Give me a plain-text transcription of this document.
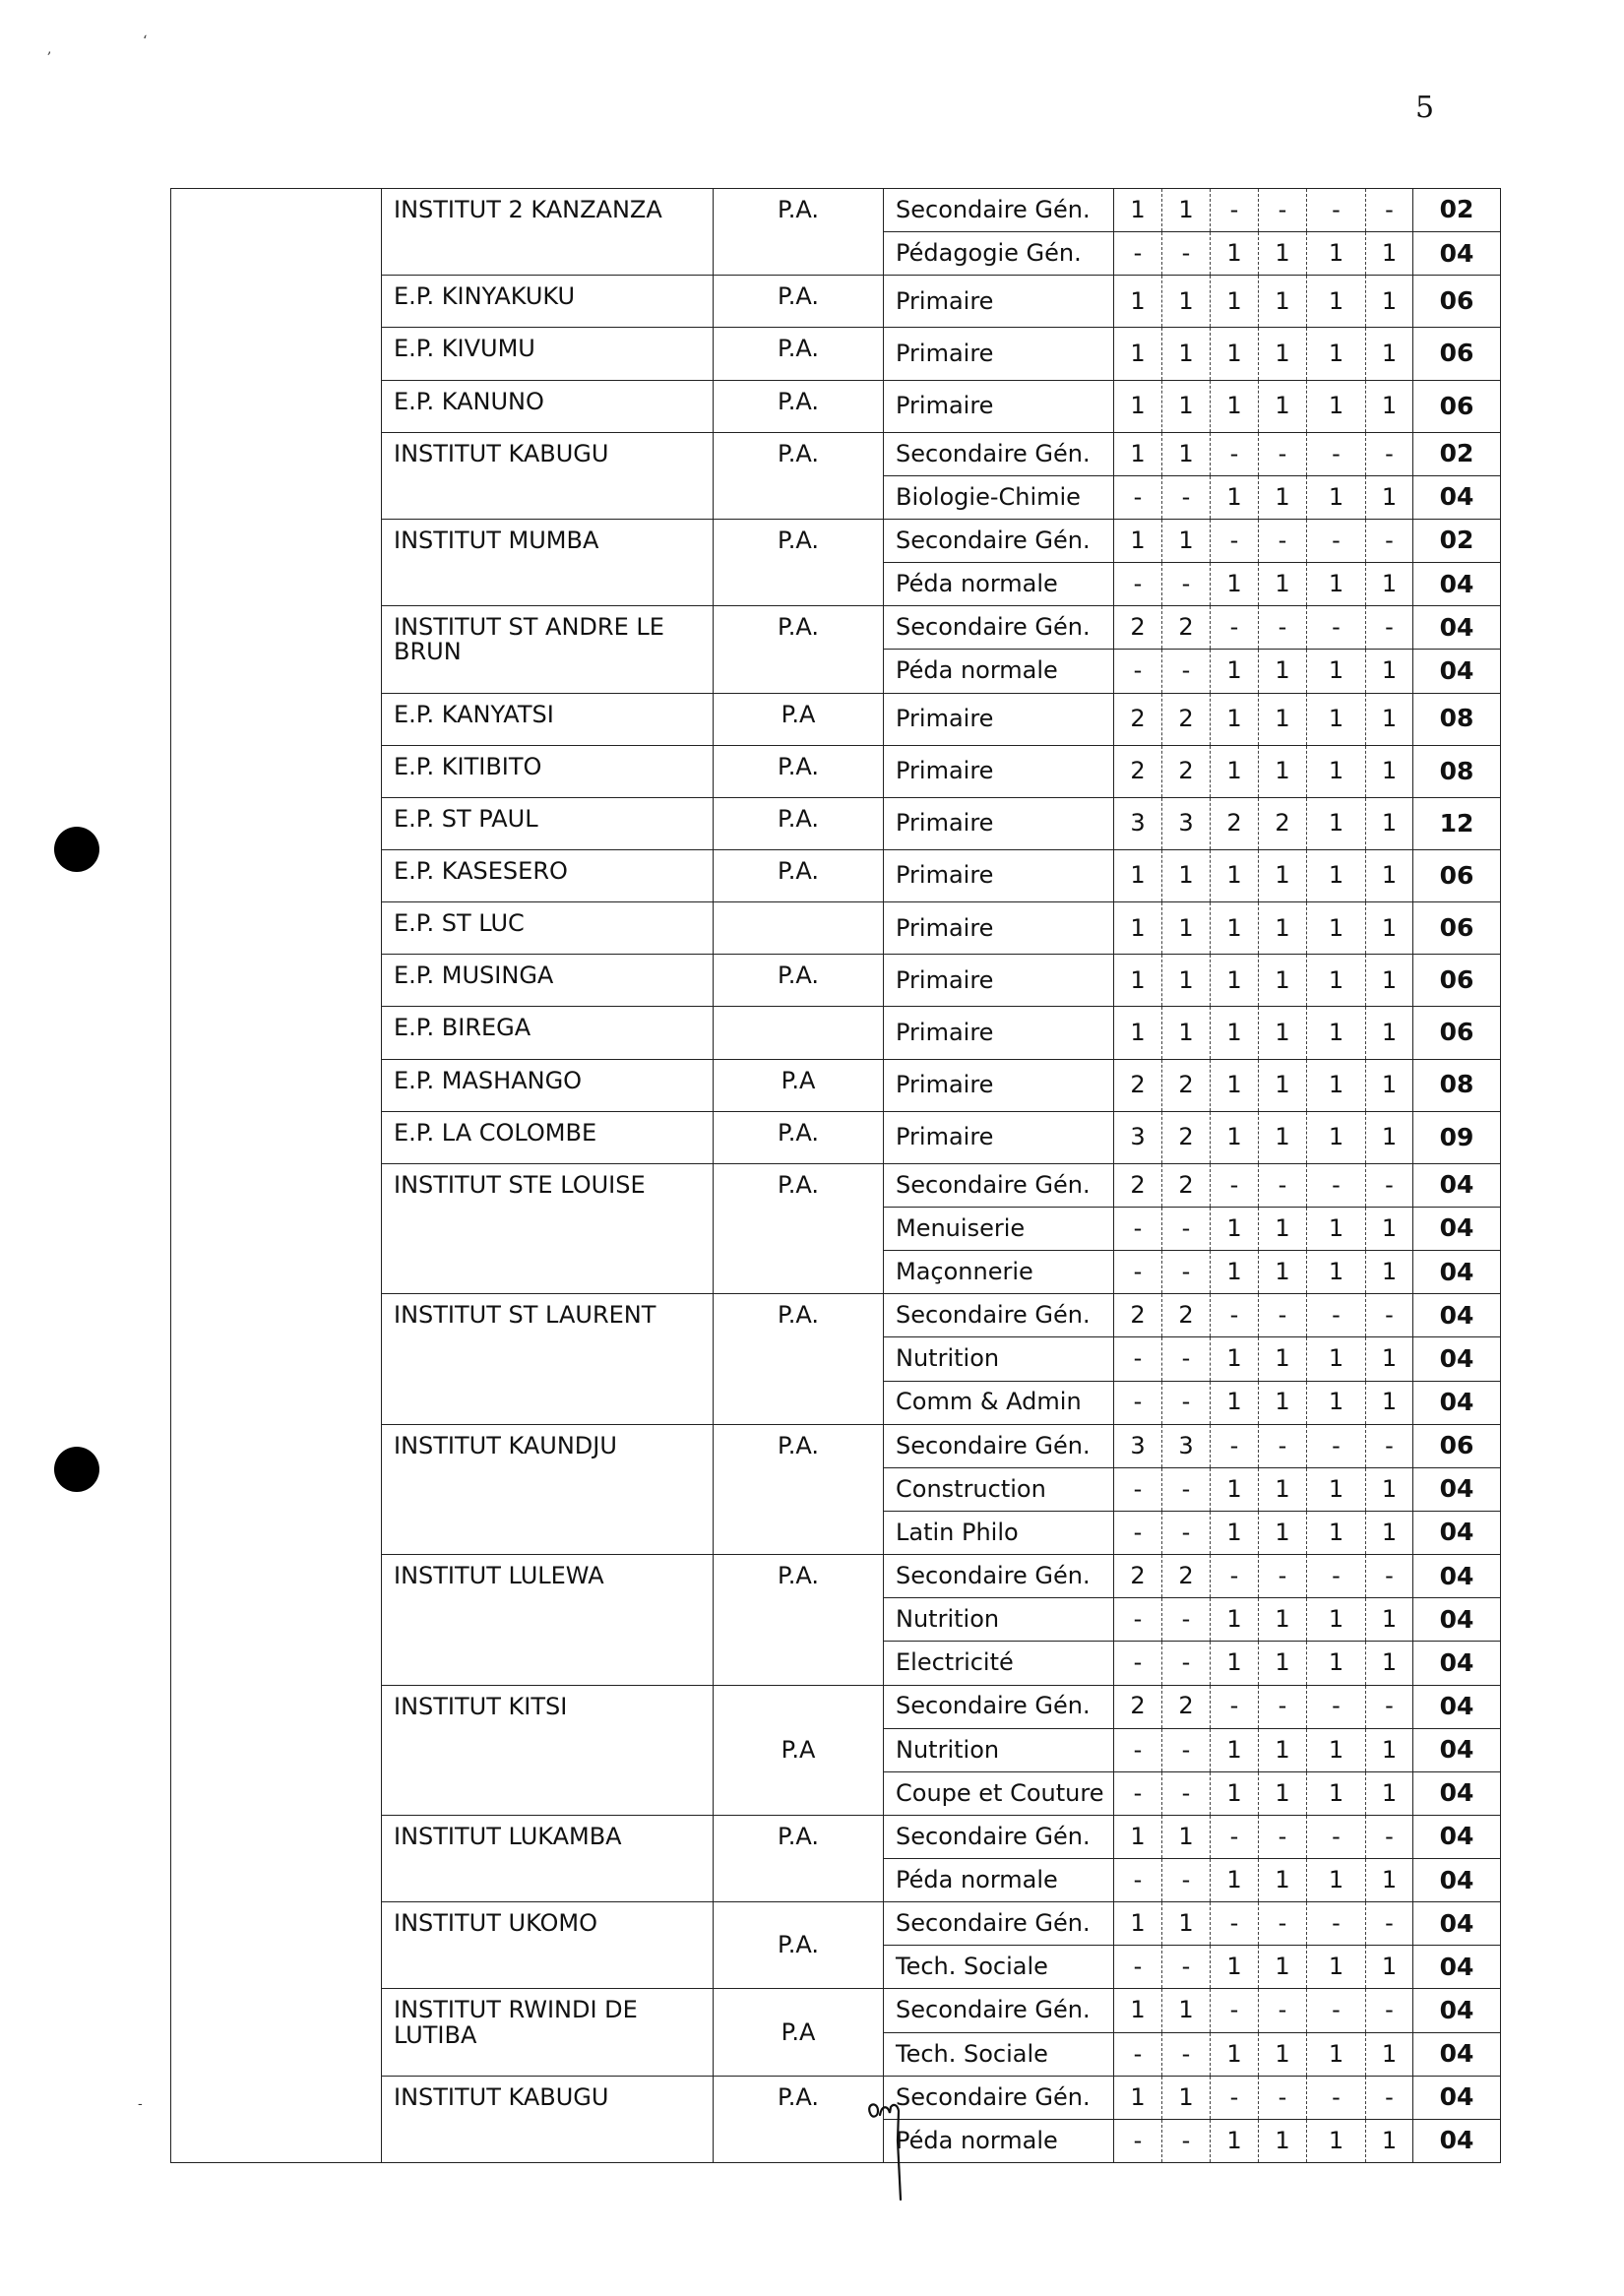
,	‘
-
5
	INSTITUT 2 KANZANZA	P.A.	Secondaire Gén.	1	1	-	-	-	-	02
			Pédagogie Gén.	-	-	1	1	1	1	04
	E.P. KINYAKUKU	P.A.	Primaire	1	1	1	1	1	1	06
	E.P. KIVUMU	P.A.	Primaire	1	1	1	1	1	1	06
	E.P. KANUNO	P.A.	Primaire	1	1	1	1	1	1	06
	INSTITUT KABUGU	P.A.	Secondaire Gén.	1	1	-	-	-	-	02
			Biologie-Chimie	-	-	1	1	1	1	04
	INSTITUT MUMBA	P.A.	Secondaire Gén.	1	1	-	-	-	-	02
			Péda normale	-	-	1	1	1	1	04
	INSTITUT ST ANDRE LE BRUN	P.A.	Secondaire Gén.	2	2	-	-	-	-	04
			Péda normale	-	-	1	1	1	1	04
	E.P. KANYATSI	P.A	Primaire	2	2	1	1	1	1	08
	E.P. KITIBITO	P.A.	Primaire	2	2	1	1	1	1	08
	E.P. ST PAUL	P.A.	Primaire	3	3	2	2	1	1	12
	E.P. KASESERO	P.A.	Primaire	1	1	1	1	1	1	06
	E.P. ST LUC		Primaire	1	1	1	1	1	1	06
	E.P. MUSINGA	P.A.	Primaire	1	1	1	1	1	1	06
	E.P. BIREGA		Primaire	1	1	1	1	1	1	06
	E.P. MASHANGO	P.A	Primaire	2	2	1	1	1	1	08
	E.P. LA COLOMBE	P.A.	Primaire	3	2	1	1	1	1	09
	INSTITUT STE LOUISE	P.A.	Secondaire Gén.	2	2	-	-	-	-	04
			Menuiserie	-	-	1	1	1	1	04
			Maçonnerie	-	-	1	1	1	1	04
	INSTITUT ST LAURENT	P.A.	Secondaire Gén.	2	2	-	-	-	-	04
			Nutrition	-	-	1	1	1	1	04
			Comm & Admin	-	-	1	1	1	1	04
	INSTITUT KAUNDJU	P.A.	Secondaire Gén.	3	3	-	-	-	-	06
			Construction	-	-	1	1	1	1	04
			Latin Philo	-	-	1	1	1	1	04
	INSTITUT LULEWA	P.A.	Secondaire Gén.	2	2	-	-	-	-	04
			Nutrition	-	-	1	1	1	1	04
			Electricité	-	-	1	1	1	1	04
	INSTITUT KITSI	P.A	Secondaire Gén.	2	2	-	-	-	-	04
			Nutrition	-	-	1	1	1	1	04
			Coupe et Couture	-	-	1	1	1	1	04
	INSTITUT LUKAMBA	P.A.	Secondaire Gén.	1	1	-	-	-	-	04
			Péda normale	-	-	1	1	1	1	04
	INSTITUT UKOMO	P.A.	Secondaire Gén.	1	1	-	-	-	-	04
			Tech. Sociale	-	-	1	1	1	1	04
	INSTITUT RWINDI DE LUTIBA	P.A	Secondaire Gén.	1	1	-	-	-	-	04
			Tech. Sociale	-	-	1	1	1	1	04
	INSTITUT KABUGU	P.A.	Secondaire Gén.	1	1	-	-	-	-	04
			Péda normale	-	-	1	1	1	1	04
